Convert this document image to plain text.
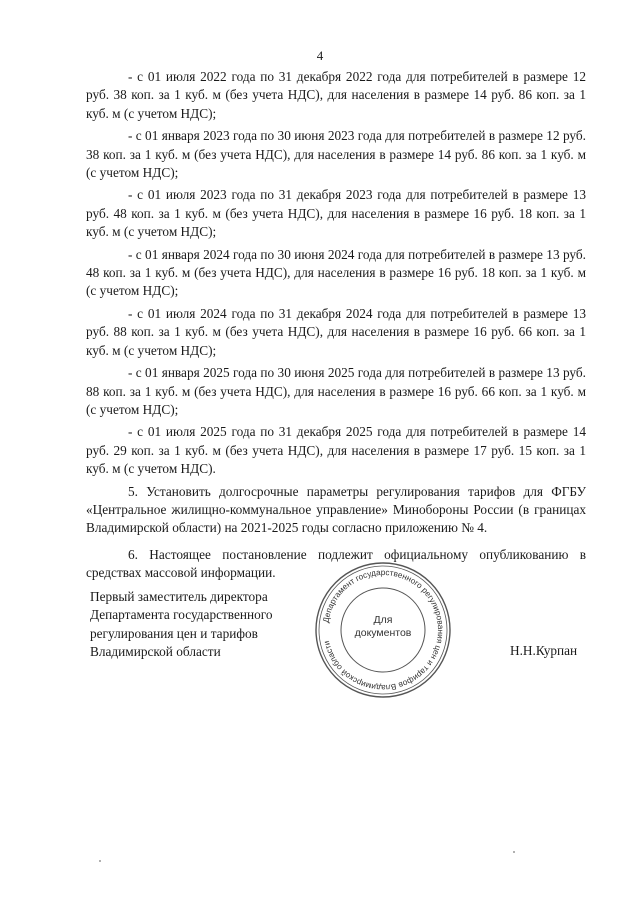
4

- с 01 июля 2022 года по 31 декабря 2022 года для потребителей в размере 12 руб. 38 коп. за 1 куб. м (без учета НДС), для населения в размере 14 руб. 86 коп. за 1 куб. м (с учетом НДС);

- с 01 января 2023 года по 30 июня 2023 года для потребителей в размере 12 руб. 38 коп. за 1 куб. м (без учета НДС), для населения в размере 14 руб. 86 коп. за 1 куб. м (с учетом НДС);

- с 01 июля 2023 года по 31 декабря 2023 года для потребителей в размере 13 руб. 48 коп. за 1 куб. м (без учета НДС), для населения в размере 16 руб. 18 коп. за 1 куб. м (с учетом НДС);

- с 01 января 2024 года по 30 июня 2024 года для потребителей в размере 13 руб. 48 коп. за 1 куб. м (без учета НДС), для населения в размере 16 руб. 18 коп. за 1 куб. м (с учетом НДС);

- с 01 июля 2024 года по 31 декабря 2024 года для потребителей в размере 13 руб. 88 коп. за 1 куб. м (без учета НДС), для населения в размере 16 руб. 66 коп. за 1 куб. м (с учетом НДС);

- с 01 января 2025 года по 30 июня 2025 года для потребителей в размере 13 руб. 88 коп. за 1 куб. м (без учета НДС), для населения в размере 16 руб. 66 коп. за 1 куб. м (с учетом НДС);

- с 01 июля 2025 года по 31 декабря 2025 года для потребителей в размере 14 руб. 29 коп. за 1 куб. м (без учета НДС), для населения в размере 17 руб. 15 коп. за 1 куб. м (с учетом НДС).

5. Установить долгосрочные параметры регулирования тарифов для ФГБУ «Центральное жилищно-коммунальное управление» Минобороны России (в границах Владимирской области) на 2021-2025 годы согласно приложению № 4.

6. Настоящее постановление подлежит официальному опубликованию в средствах массовой информации.

Первый заместитель директора
Департамента государственного
регулирования цен и тарифов
Владимирской области
Департамент государственного регулирования цен и тарифов Владимирской области
Для
документов
Н.Н.Курпан
